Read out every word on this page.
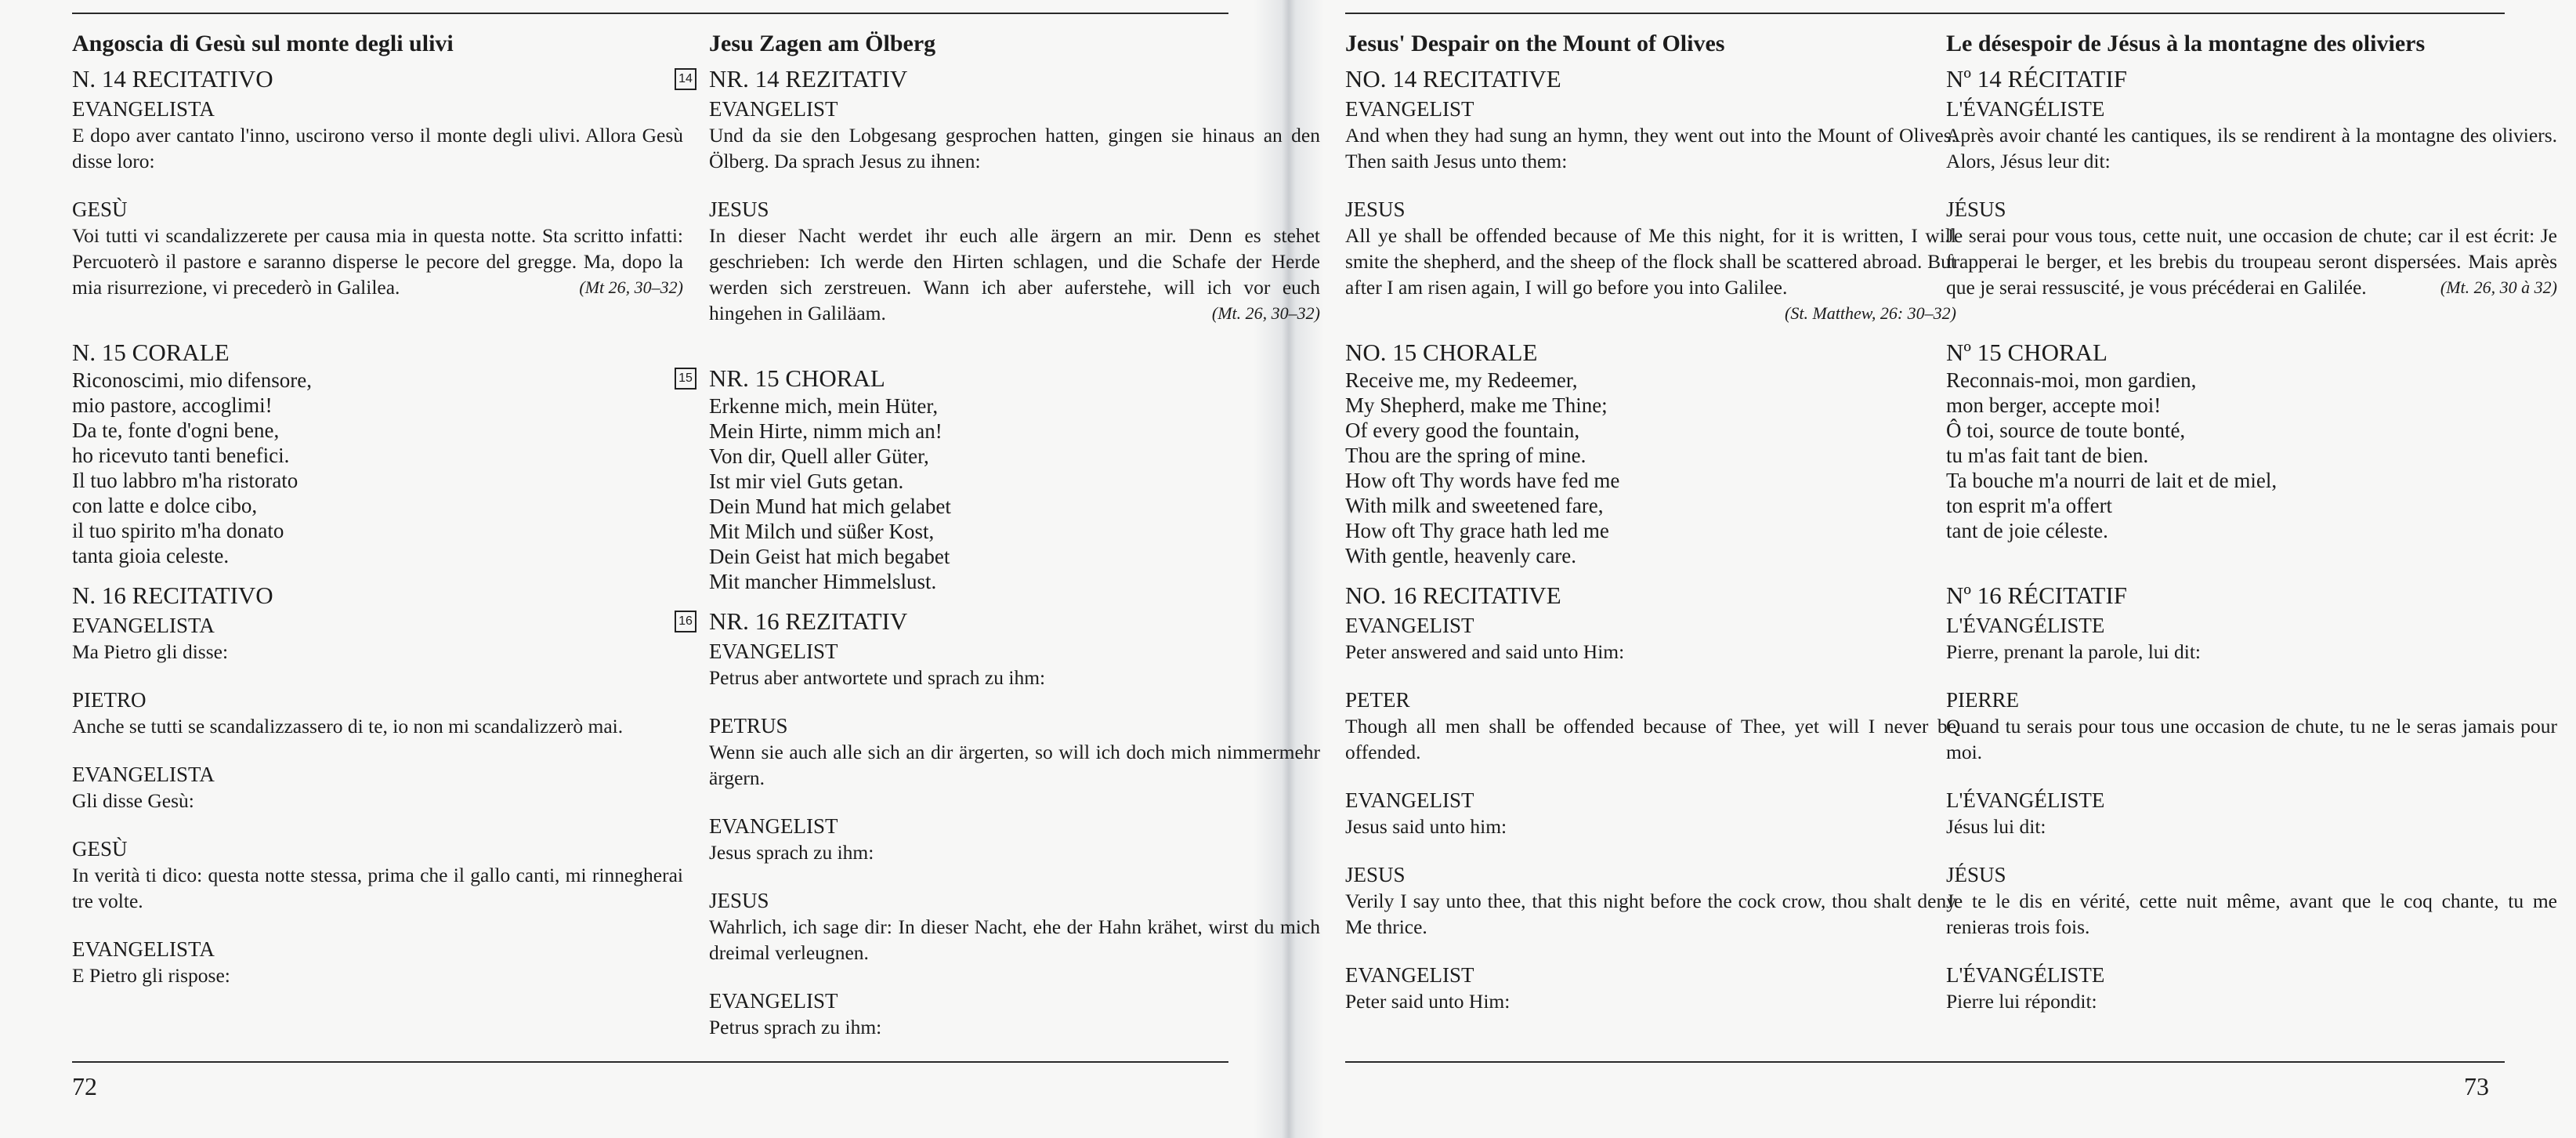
Angoscia di Gesù sul monte degli ulivi
N. 14 RECITATIVO
EVANGELISTA
E dopo aver cantato l'inno, uscirono verso il monte degli ulivi. Allora Gesù disse loro:
GESÙ
Voi tutti vi scandalizzerete per causa mia in questa notte. Sta scritto infatti: Percuoterò il pastore e saranno disperse le pecore del gregge. Ma, dopo la mia risurrezione, vi precederò in Galilea.	(Mt 26, 30–32)
N. 15 CORALE
Riconoscimi, mio difensore,
mio pastore, accoglimi!
Da te, fonte d'ogni bene,
ho ricevuto tanti benefici.
Il tuo labbro m'ha ristorato
con latte e dolce cibo,
il tuo spirito m'ha donato
tanta gioia celeste.
N. 16 RECITATIVO
EVANGELISTA
Ma Pietro gli disse:
PIETRO
Anche se tutti se scandalizzassero di te, io non mi scandalizzerò mai.
EVANGELISTA
Gli disse Gesù:
GESÙ
In verità ti dico: questa notte stessa, prima che il gallo canti, mi rinnegherai tre volte.
EVANGELISTA
E Pietro gli rispose:
Jesu Zagen am Ölberg
14 NR. 14 REZITATIV
EVANGELIST
Und da sie den Lobgesang gesprochen hatten, gingen sie hinaus an den Ölberg. Da sprach Jesus zu ihnen:
JESUS
In dieser Nacht werdet ihr euch alle ärgern an mir. Denn es stehet geschrieben: Ich werde den Hirten schlagen, und die Schafe der Herde werden sich zerstreuen. Wann ich aber auferstehe, will ich vor euch hingehen in Galiläam.	(Mt. 26, 30–32)
15 NR. 15 CHORAL
Erkenne mich, mein Hüter,
Mein Hirte, nimm mich an!
Von dir, Quell aller Güter,
Ist mir viel Guts getan.
Dein Mund hat mich gelabet
Mit Milch und süßer Kost,
Dein Geist hat mich begabet
Mit mancher Himmelslust.
16 NR. 16 REZITATIV
EVANGELIST
Petrus aber antwortete und sprach zu ihm:
PETRUS
Wenn sie auch alle sich an dir ärgerten, so will ich doch mich nimmermehr ärgern.
EVANGELIST
Jesus sprach zu ihm:
JESUS
Wahrlich, ich sage dir: In dieser Nacht, ehe der Hahn krähet, wirst du mich dreimal verleugnen.
EVANGELIST
Petrus sprach zu ihm:
Jesus' Despair on the Mount of Olives
NO. 14 RECITATIVE
EVANGELIST
And when they had sung an hymn, they went out into the Mount of Olives. Then saith Jesus unto them:
JESUS
All ye shall be offended because of Me this night, for it is written, I will smite the shepherd, and the sheep of the flock shall be scattered abroad. But after I am risen again, I will go before you into Galilee.
(St. Matthew, 26: 30–32)
NO. 15 CHORALE
Receive me, my Redeemer,
My Shepherd, make me Thine;
Of every good the fountain,
Thou are the spring of mine.
How oft Thy words have fed me
With milk and sweetened fare,
How oft Thy grace hath led me
With gentle, heavenly care.
NO. 16 RECITATIVE
EVANGELIST
Peter answered and said unto Him:
PETER
Though all men shall be offended because of Thee, yet will I never be offended.
EVANGELIST
Jesus said unto him:
JESUS
Verily I say unto thee, that this night before the cock crow, thou shalt deny Me thrice.
EVANGELIST
Peter said unto Him:
Le désespoir de Jésus à la montagne des oliviers
Nº 14 RÉCITATIF
L'ÉVANGÉLISTE
Après avoir chanté les cantiques, ils se rendirent à la montagne des oliviers. Alors, Jésus leur dit:
JÉSUS
Je serai pour vous tous, cette nuit, une occasion de chute; car il est écrit: Je frapperai le berger, et les brebis du troupeau seront dispersées. Mais après que je serai ressuscité, je vous précéderai en Galilée.	(Mt. 26, 30 à 32)
Nº 15 CHORAL
Reconnais-moi, mon gardien,
mon berger, accepte moi!
Ô toi, source de toute bonté,
tu m'as fait tant de bien.
Ta bouche m'a nourri de lait et de miel,
ton esprit m'a offert
tant de joie céleste.
Nº 16 RÉCITATIF
L'ÉVANGÉLISTE
Pierre, prenant la parole, lui dit:
PIERRE
Quand tu serais pour tous une occasion de chute, tu ne le seras jamais pour moi.
L'ÉVANGÉLISTE
Jésus lui dit:
JÉSUS
Je te le dis en vérité, cette nuit même, avant que le coq chante, tu me renieras trois fois.
L'ÉVANGÉLISTE
Pierre lui répondit:
72	73
